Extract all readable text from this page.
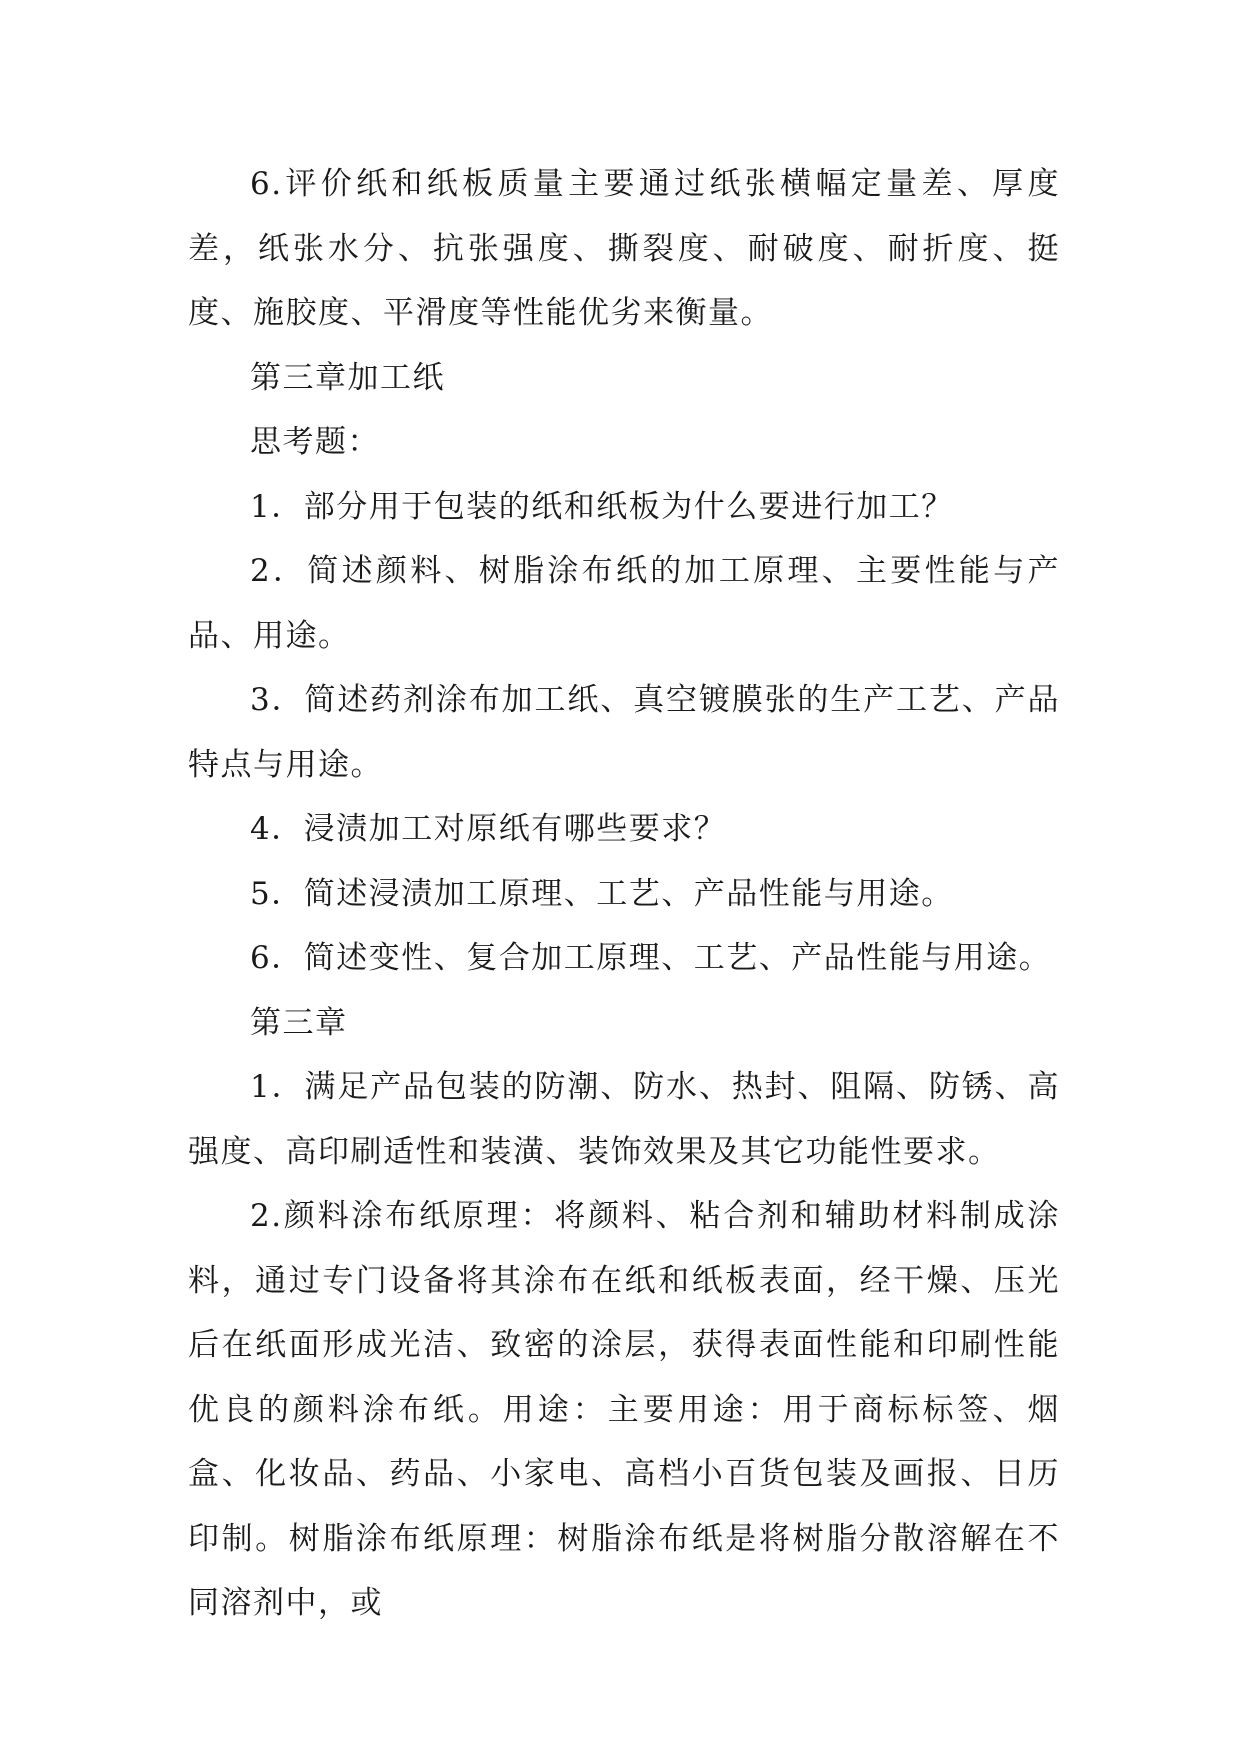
6.评价纸和纸板质量主要通过纸张横幅定量差、厚度差，纸张水分、抗张强度、撕裂度、耐破度、耐折度、挺度、施胶度、平滑度等性能优劣来衡量。

第三章加工纸

思考题：

1．部分用于包装的纸和纸板为什么要进行加工？

2．简述颜料、树脂涂布纸的加工原理、主要性能与产品、用途。

3．简述药剂涂布加工纸、真空镀膜张的生产工艺、产品特点与用途。

4．浸渍加工对原纸有哪些要求？

5．简述浸渍加工原理、工艺、产品性能与用途。

6．简述变性、复合加工原理、工艺、产品性能与用途。

第三章

1．满足产品包装的防潮、防水、热封、阻隔、防锈、高强度、高印刷适性和装潢、装饰效果及其它功能性要求。

2.颜料涂布纸原理：将颜料、粘合剂和辅助材料制成涂料，通过专门设备将其涂布在纸和纸板表面，经干燥、压光后在纸面形成光洁、致密的涂层，获得表面性能和印刷性能优良的颜料涂布纸。用途：主要用途：用于商标标签、烟盒、化妆品、药品、小家电、高档小百货包装及画报、日历印制。树脂涂布纸原理：树脂涂布纸是将树脂分散溶解在不同溶剂中，或
